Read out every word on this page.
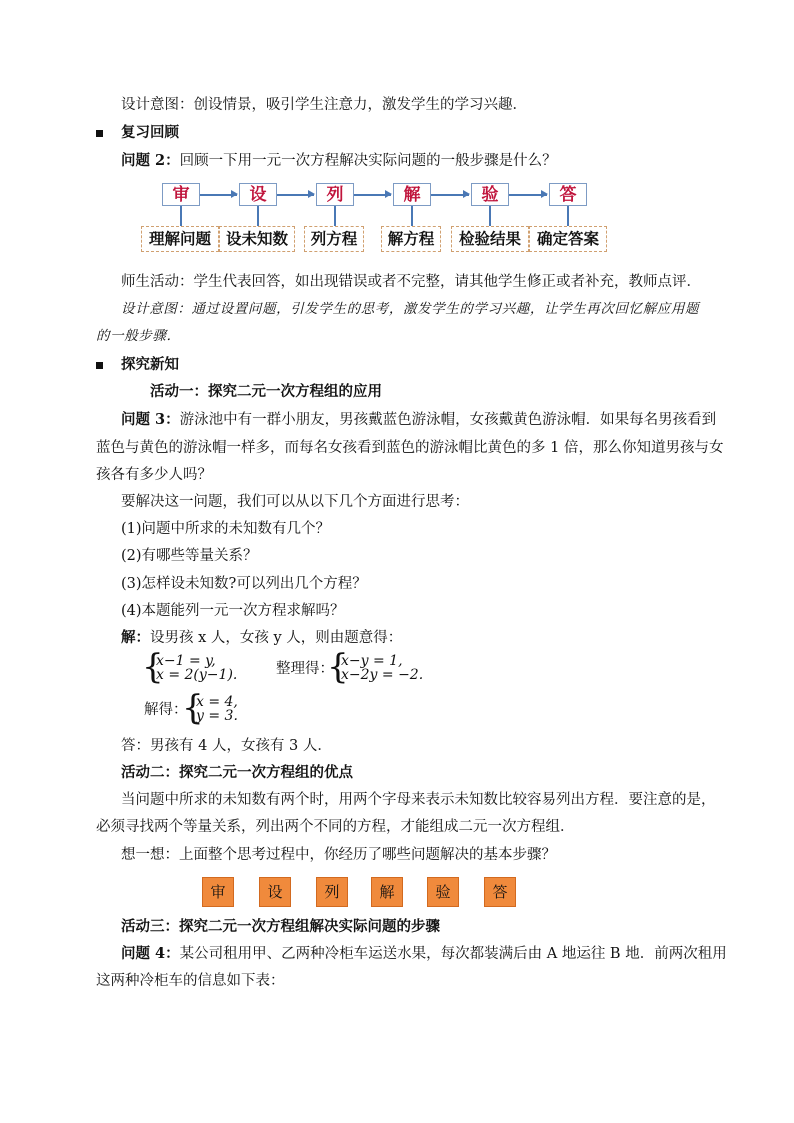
设计意图：创设情景，吸引学生注意力，激发学生的学习兴趣．
复习回顾
问题 2：回顾一下用一元一次方程解决实际问题的一般步骤是什么？
审	设	列	解	验	答
理解问题 设未知数	列方程	解方程	检验结果	确定答案
师生活动：学生代表回答，如出现错误或者不完整，请其他学生修正或者补充，教师点评．
设计意图：通过设置问题，引发学生的思考，激发学生的学习兴趣，让学生再次回忆解应用题
的一般步骤．
探究新知
活动一：探究二元一次方程组的应用
问题 3：游泳池中有一群小朋友，男孩戴蓝色游泳帽，女孩戴黄色游泳帽．如果每名男孩看到
蓝色与黄色的游泳帽一样多，而每名女孩看到蓝色的游泳帽比黄色的多 1 倍，那么你知道男孩与女
孩各有多少人吗？
要解决这一问题，我们可以从以下几个方面进行思考：
(1)问题中所求的未知数有几个？
(2)有哪些等量关系？
(3)怎样设未知数?可以列出几个方程？
(4)本题能列一元一次方程求解吗？
解：设男孩 x 人，女孩 y 人，则由题意得：
{
x−1 = y,
x = 2(y−1).	整理得：
{
x−y = 1,
x−2y = −2.
解得：
{
x = 4,
y = 3.
答：男孩有 4 人，女孩有 3 人．
活动二：探究二元一次方程组的优点
当问题中所求的未知数有两个时，用两个字母来表示未知数比较容易列出方程．要注意的是，
必须寻找两个等量关系，列出两个不同的方程，才能组成二元一次方程组．
想一想：上面整个思考过程中，你经历了哪些问题解决的基本步骤？
审	设	列	解	验	答
活动三：探究二元一次方程组解决实际问题的步骤
问题 4：某公司租用甲、乙两种冷柜车运送水果，每次都装满后由 A 地运往 B 地．前两次租用
这两种冷柜车的信息如下表：
